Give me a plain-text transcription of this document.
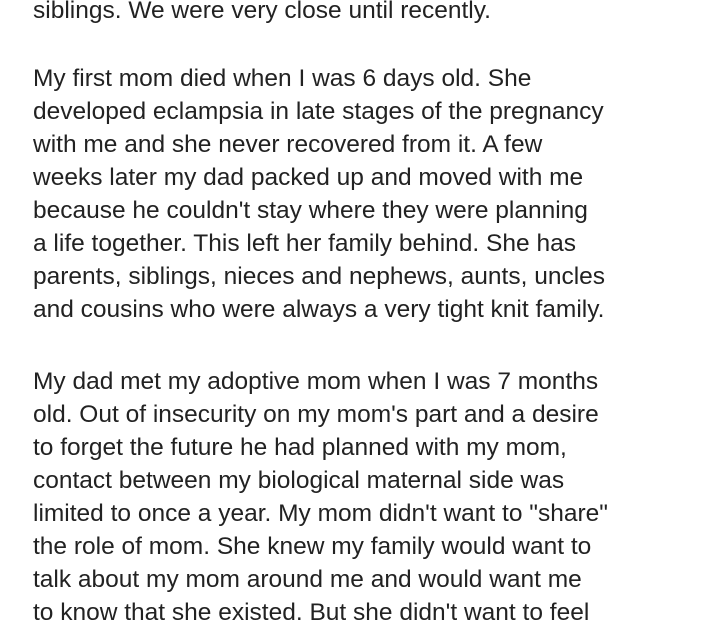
siblings. We were very close until recently.

My first mom died when I was 6 days old. She
developed eclampsia in late stages of the pregnancy
with me and she never recovered from it. A few
weeks later my dad packed up and moved with me
because he couldn't stay where they were planning
a life together. This left her family behind. She has
parents, siblings, nieces and nephews, aunts, uncles
and cousins who were always a very tight knit family.

My dad met my adoptive mom when I was 7 months
old. Out of insecurity on my mom's part and a desire
to forget the future he had planned with my mom,
contact between my biological maternal side was
limited to once a year. My mom didn't want to "share"
the role of mom. She knew my family would want to
talk about my mom around me and would want me
to know that she existed. But she didn't want to feel
